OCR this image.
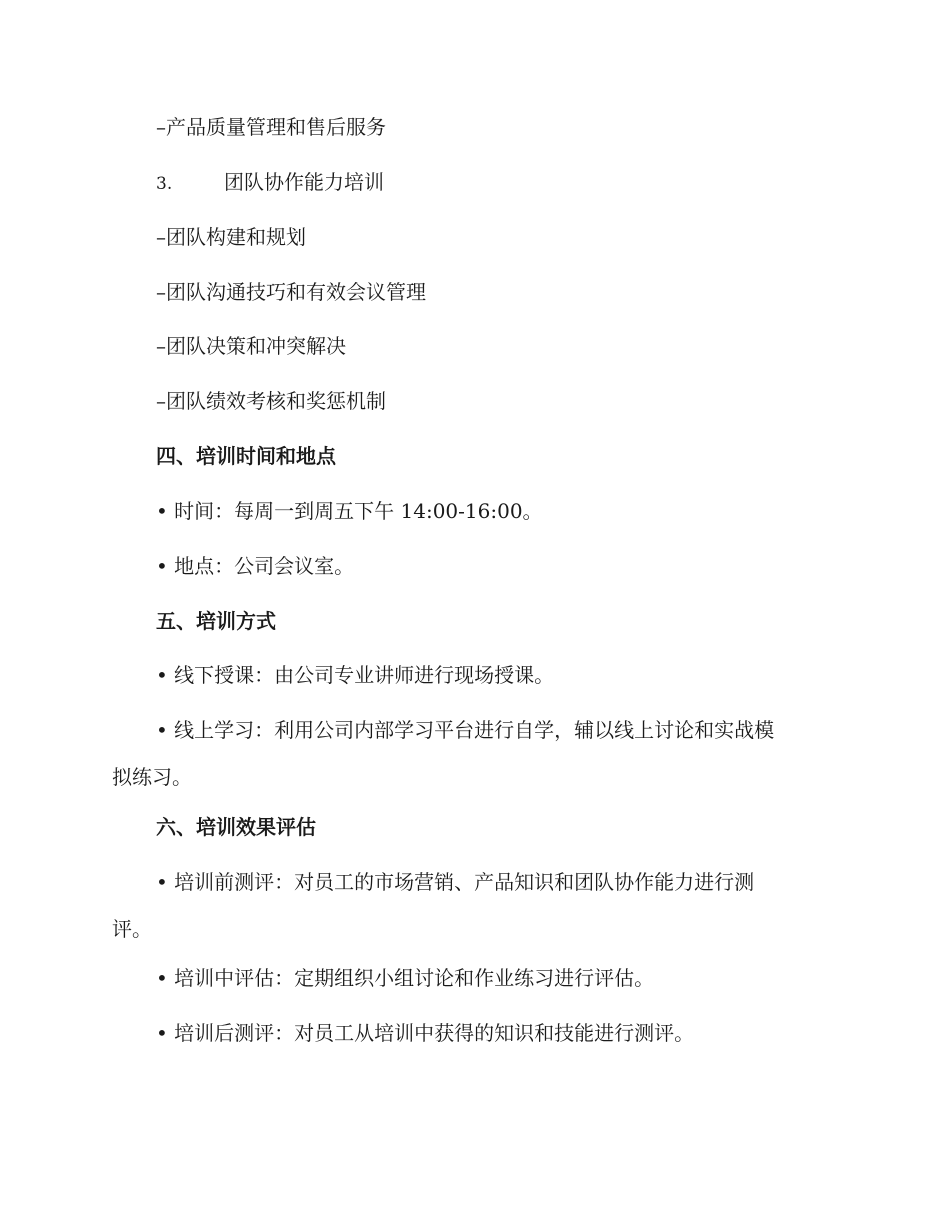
–产品质量管理和售后服务
3.	团队协作能力培训
–团队构建和规划
–团队沟通技巧和有效会议管理
–团队决策和冲突解决
–团队绩效考核和奖惩机制
四、培训时间和地点
• 时间：每周一到周五下午 14:00-16:00。
• 地点：公司会议室。
五、培训方式
• 线下授课：由公司专业讲师进行现场授课。
• 线上学习：利用公司内部学习平台进行自学，辅以线上讨论和实战模
拟练习。
六、培训效果评估
• 培训前测评：对员工的市场营销、产品知识和团队协作能力进行测
评。
• 培训中评估：定期组织小组讨论和作业练习进行评估。
• 培训后测评：对员工从培训中获得的知识和技能进行测评。
